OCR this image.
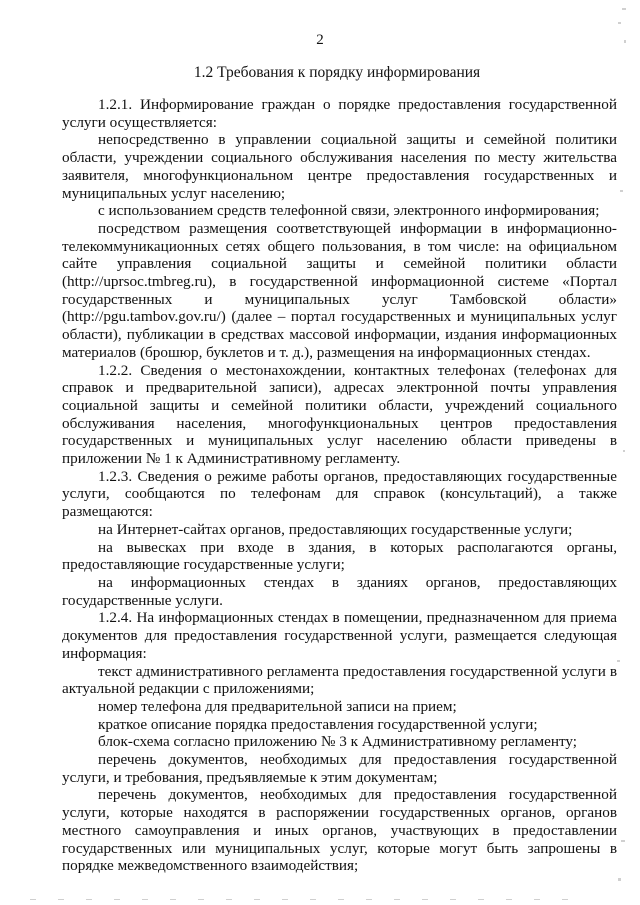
2
1.2 Требования к порядку информирования

1.2.1. Информирование граждан о порядке предоставления государственной услуги осуществляется:

непосредственно в управлении социальной защиты и семейной политики области, учреждении социального обслуживания населения по месту жительства заявителя, многофункциональном центре предоставления государственных и муниципальных услуг населению;

с использованием средств телефонной связи, электронного информирования;

посредством размещения соответствующей информации в информационно-телекоммуникационных сетях общего пользования, в том числе: на официальном сайте управления социальной защиты и семейной политики области (http://uprsoc.tmbreg.ru), в государственной информационной системе «Портал государственных и муниципальных услуг Тамбовской области» (http://pgu.tambov.gov.ru/) (далее – портал государственных и муниципальных услуг области), публикации в средствах массовой информации, издания информационных материалов (брошюр, буклетов и т. д.), размещения на информационных стендах.

1.2.2. Сведения о местонахождении, контактных телефонах (телефонах для справок и предварительной записи), адресах электронной почты управления социальной защиты и семейной политики области, учреждений социального обслуживания населения, многофункциональных центров предоставления государственных и муниципальных услуг населению области приведены в приложении № 1 к Административному регламенту.

1.2.3. Сведения о режиме работы органов, предоставляющих государственные услуги, сообщаются по телефонам для справок (консультаций), а также размещаются:

на Интернет-сайтах органов, предоставляющих государственные услуги;

на вывесках при входе в здания, в которых располагаются органы, предоставляющие государственные услуги;

на информационных стендах в зданиях органов, предоставляющих государственные услуги.

1.2.4. На информационных стендах в помещении, предназначенном для приема документов для предоставления государственной услуги, размещается следующая информация:

текст административного регламента предоставления государственной услуги в актуальной редакции с приложениями;

номер телефона для предварительной записи на прием;

краткое описание порядка предоставления государственной услуги;

блок-схема согласно приложению № 3 к Административному регламенту;

перечень документов, необходимых для предоставления государственной услуги, и требования, предъявляемые к этим документам;

перечень документов, необходимых для предоставления государственной услуги, которые находятся в распоряжении государственных органов, органов местного самоуправления и иных органов, участвующих в предоставлении государственных или муниципальных услуг, которые могут быть запрошены в порядке межведомственного взаимодействия;
